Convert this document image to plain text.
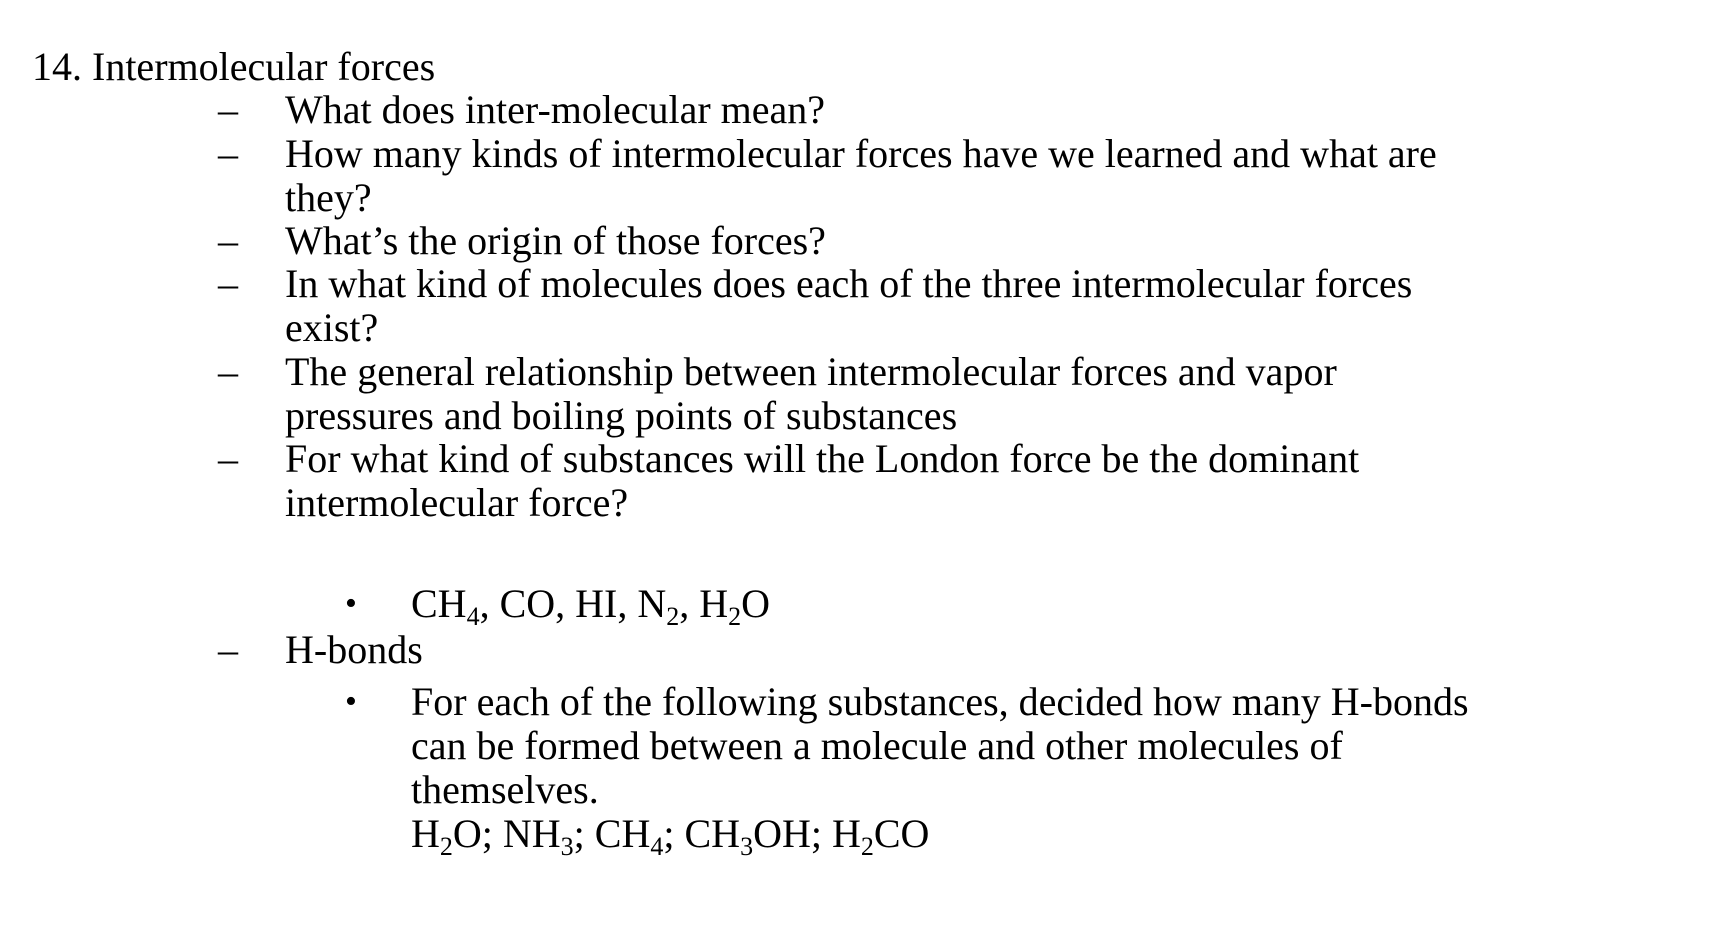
14. Intermolecular forces
– What does inter-molecular mean?
– How many kinds of intermolecular forces have we learned and what are
they?
– What’s the origin of those forces?
– In what kind of molecules does each of the three intermolecular forces
exist?
– The general relationship between intermolecular forces and vapor
pressures and boiling points of substances
– For what kind of substances will the London force be the dominant
intermolecular force?
• $CH_4$, CO, HI, $N_2$, $H_2O$
– H-bonds
• For each of the following substances, decided how many H-bonds
can be formed between a molecule and other molecules of
themselves.
$H_2O$; $NH_3$; $CH_4$; $CH_3OH$; $H_2CO$
